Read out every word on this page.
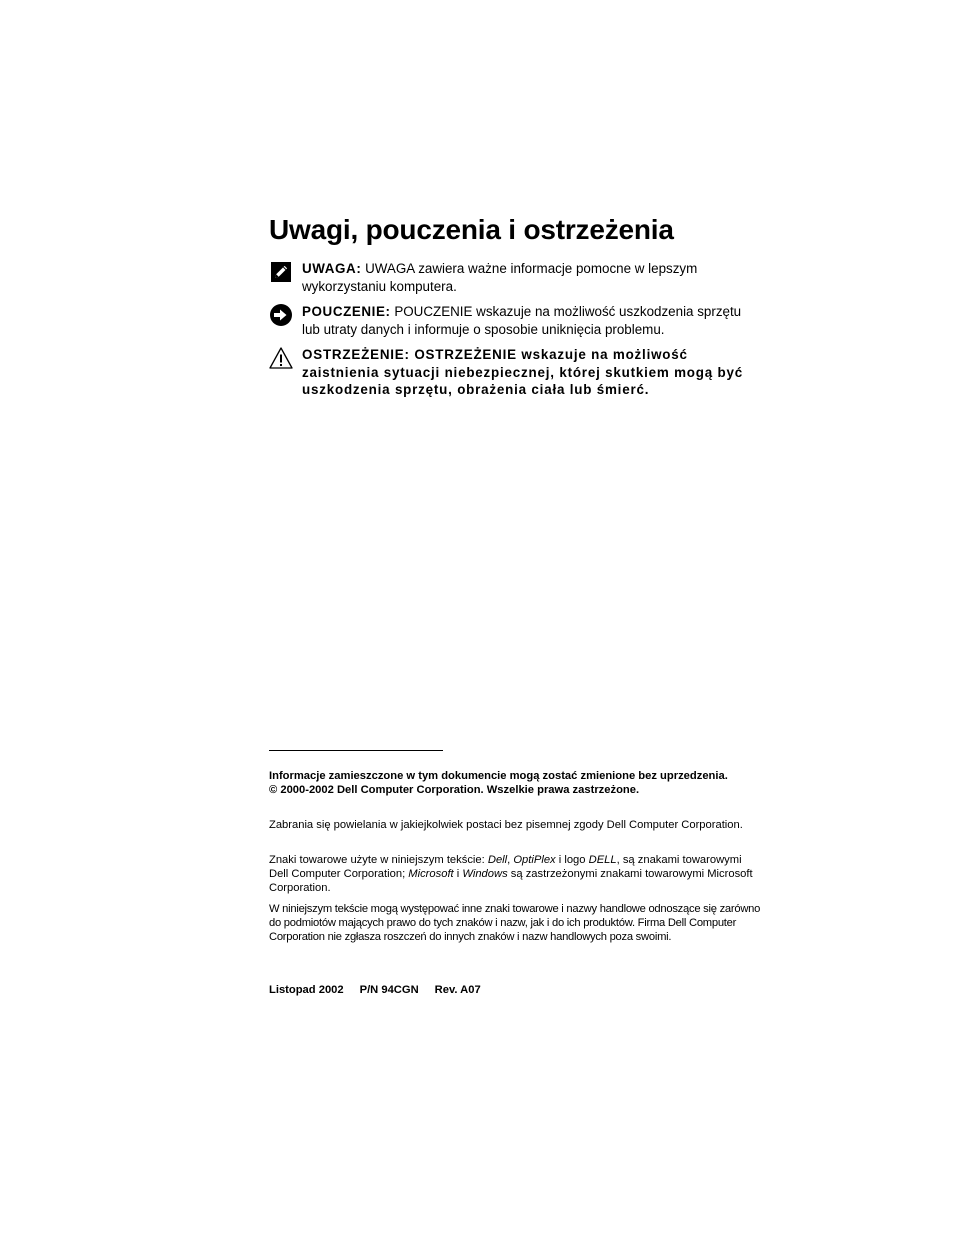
Uwagi, pouczenia i ostrzeżenia
UWAGA: UWAGA zawiera ważne informacje pomocne w lepszym wykorzystaniu komputera.
POUCZENIE: POUCZENIE wskazuje na możliwość uszkodzenia sprzętu lub utraty danych i informuje o sposobie uniknięcia problemu.
OSTRZEŻENIE: OSTRZEŻENIE wskazuje na możliwość zaistnienia sytuacji niebezpiecznej, której skutkiem mogą być uszkodzenia sprzętu, obrażenia ciała lub śmierć.

Informacje zamieszczone w tym dokumencie mogą zostać zmienione bez uprzedzenia.

© 2000-2002 Dell Computer Corporation. Wszelkie prawa zastrzeżone.

Zabrania się powielania w jakiejkolwiek postaci bez pisemnej zgody Dell Computer Corporation.

Znaki towarowe użyte w niniejszym tekście: Dell, OptiPlex i logo DELL, są znakami towarowymi Dell Computer Corporation; Microsoft i Windows są zastrzeżonymi znakami towarowymi Microsoft Corporation.

W niniejszym tekście mogą występować inne znaki towarowe i nazwy handlowe odnoszące się zarówno do podmiotów mających prawo do tych znaków i nazw, jak i do ich produktów. Firma Dell Computer Corporation nie zgłasza roszczeń do innych znaków i nazw handlowych poza swoimi.

Listopad 2002 P/N 94CGN Rev. A07
